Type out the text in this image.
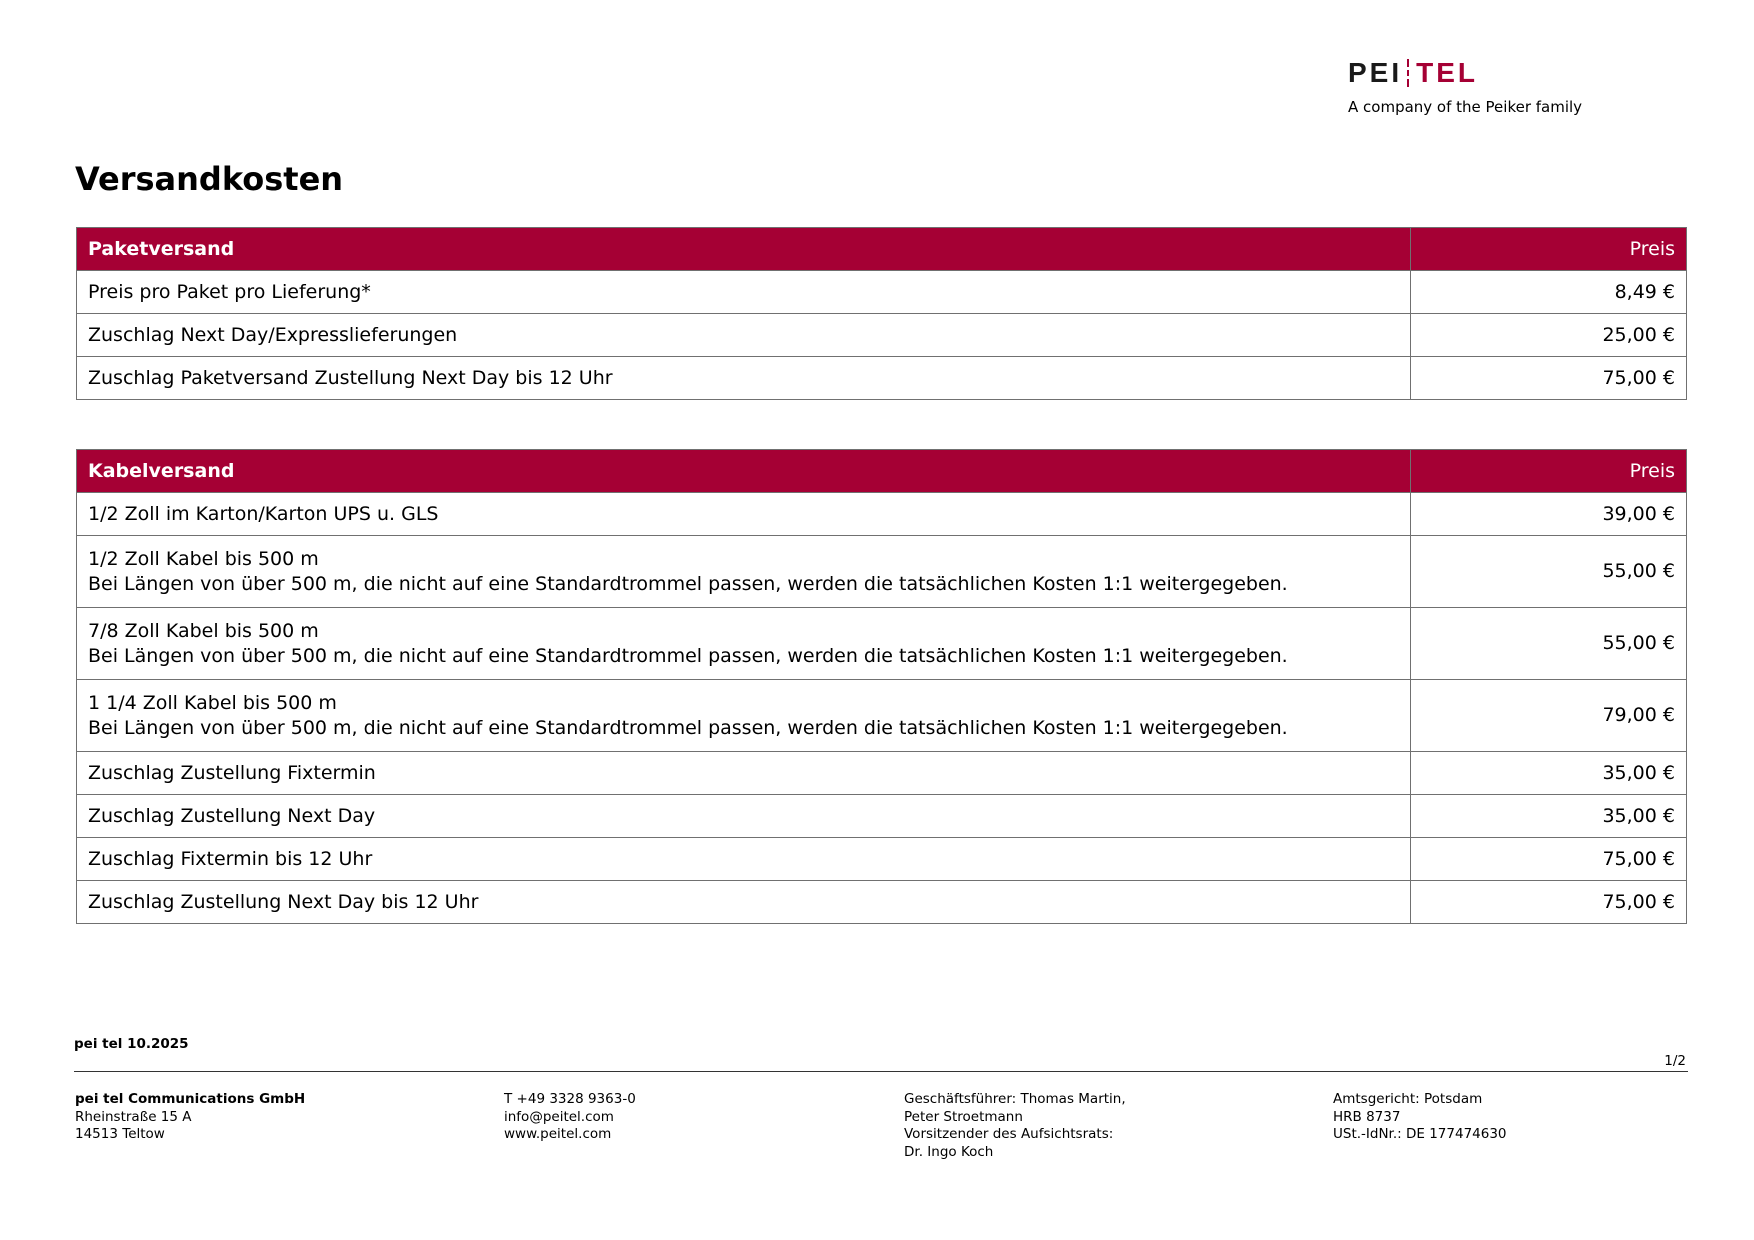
PEI TEL
A company of the Peiker family
Versandkosten
Paketversand	Preis

Preis pro Paket pro Lieferung*	8,49 €

Zuschlag Next Day/Expresslieferungen	25,00 €

Zuschlag Paketversand Zustellung Next Day bis 12 Uhr	75,00 €
Kabelversand	Preis

1/2 Zoll im Karton/Karton UPS u. GLS	39,00 €

1/2 Zoll Kabel bis 500 m
Bei Längen von über 500 m, die nicht auf eine Standardtrommel passen, werden die tatsächlichen Kosten 1:1 weitergegeben.	55,00 €

7/8 Zoll Kabel bis 500 m
Bei Längen von über 500 m, die nicht auf eine Standardtrommel passen, werden die tatsächlichen Kosten 1:1 weitergegeben.	55,00 €

1 1/4 Zoll Kabel bis 500 m
Bei Längen von über 500 m, die nicht auf eine Standardtrommel passen, werden die tatsächlichen Kosten 1:1 weitergegeben.	79,00 €

Zuschlag Zustellung Fixtermin	35,00 €

Zuschlag Zustellung Next Day	35,00 €

Zuschlag Fixtermin bis 12 Uhr	75,00 €

Zuschlag Zustellung Next Day bis 12 Uhr	75,00 €
pei tel 10.2025
1/2
pei tel Communications GmbH
Rheinstraße 15 A
14513 Teltow
T +49 3328 9363-0
info@peitel.com
www.peitel.com
Geschäftsführer: Thomas Martin,
Peter Stroetmann
Vorsitzender des Aufsichtsrats:
Dr. Ingo Koch
Amtsgericht: Potsdam
HRB 8737
USt.-IdNr.: DE 177474630
